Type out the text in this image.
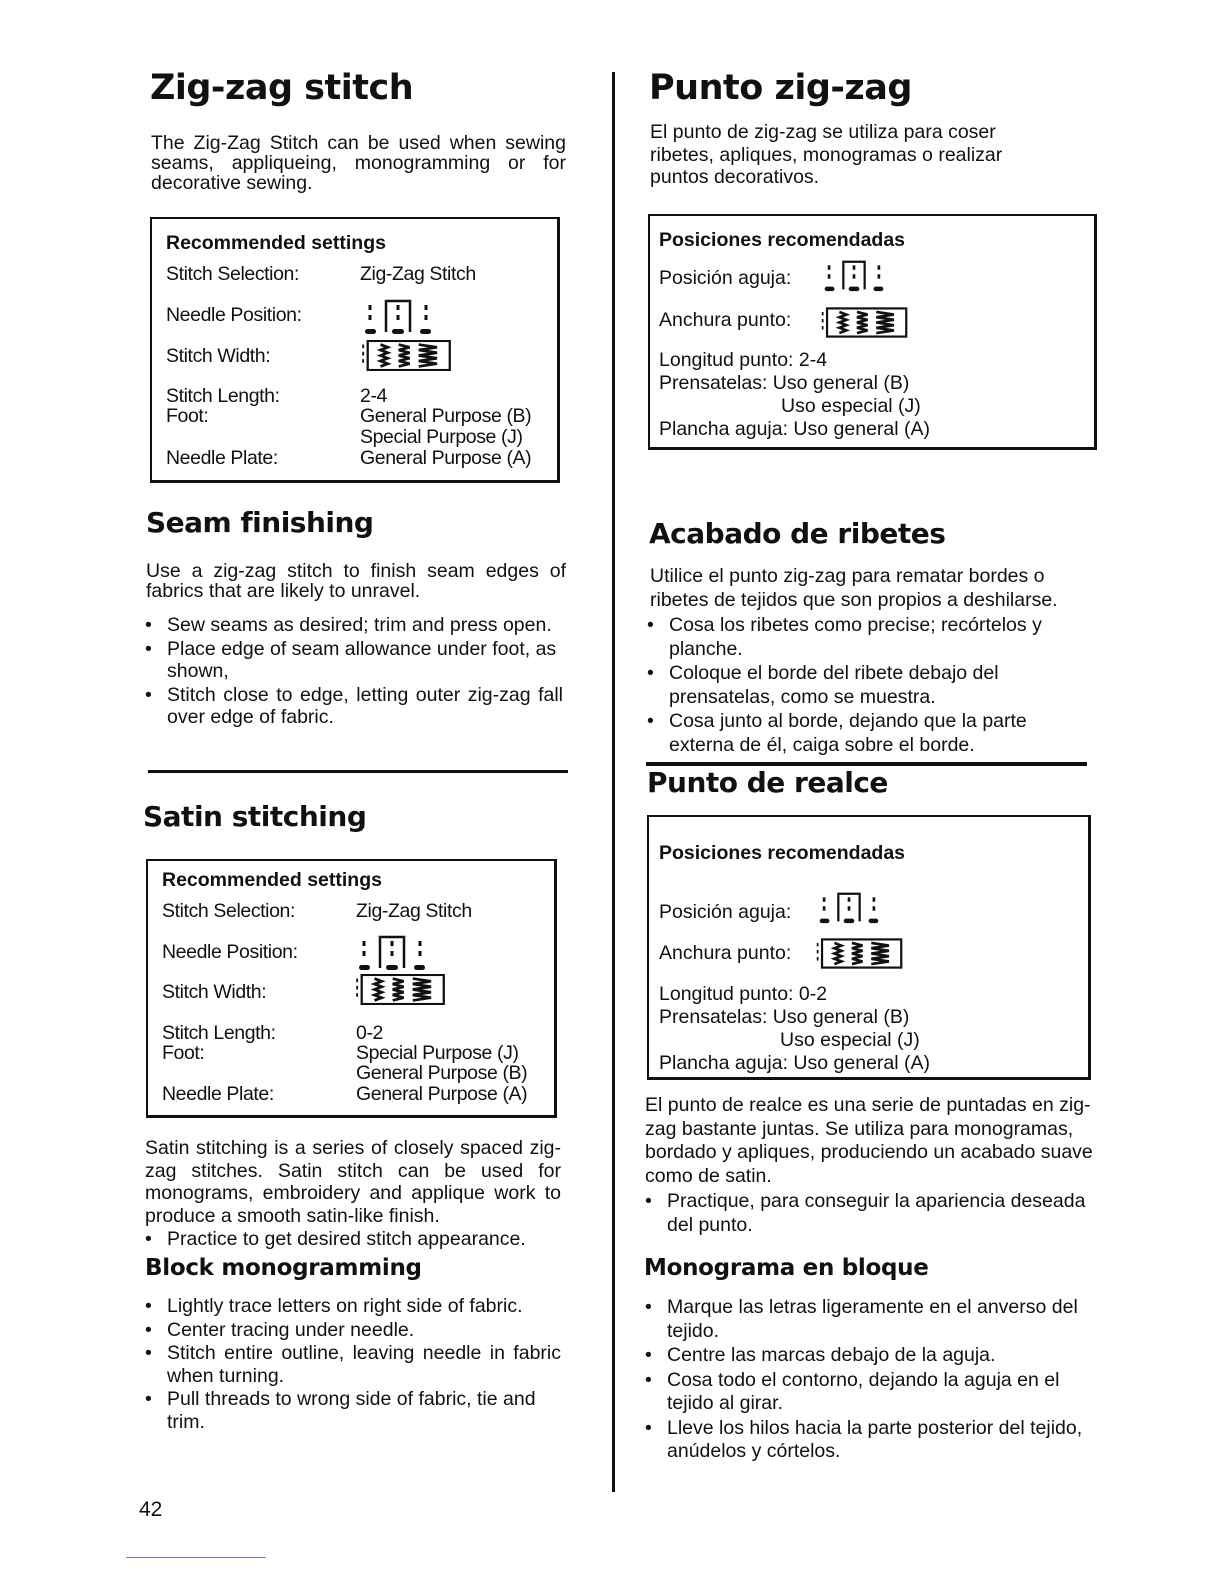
Zig-zag stitch

The Zig-Zag Stitch can be used when sewing seams, appliqueing, monogramming or for decorative sewing.

Recommended settings
Stitch Selection:	Zig-Zag Stitch
Needle Position:
Stitch Width:
Stitch Length:	2-4
Foot:	General Purpose (B)
Special Purpose (J)
Needle Plate:	General Purpose (A)
Seam finishing

Use a zig-zag stitch to finish seam edges of fabrics that are likely to unravel.

• Sew seams as desired; trim and press open.
• Place edge of seam allowance under foot, as shown,
• Stitch close to edge, letting outer zig-zag fall over edge of fabric.
Satin stitching
Recommended settings
Stitch Selection:	Zig-Zag Stitch
Needle Position:
Stitch Width:
Stitch Length:	0-2
Foot:	Special Purpose (J)
General Purpose (B)
Needle Plate:	General Purpose (A)

Satin stitching is a series of closely spaced zig-zag stitches. Satin stitch can be used for monograms, embroidery and applique work to produce a smooth satin-like finish.

• Practice to get desired stitch appearance.
Block monogramming
• Lightly trace letters on right side of fabric.
• Center tracing under needle.
• Stitch entire outline, leaving needle in fabric when turning.
• Pull threads to wrong side of fabric, tie and trim.
42
Punto zig-zag

El punto de zig-zag se utiliza para coser ribetes, apliques, monogramas o realizar puntos decorativos.

Posiciones recomendadas
Posición aguja:
Anchura punto:
Longitud punto: 2-4
Prensatelas: Uso general (B)
Uso especial (J)
Plancha aguja: Uso general (A)
Acabado de ribetes

Utilice el punto zig-zag para rematar bordes o ribetes de tejidos que son propios a deshilarse.

• Cosa los ribetes como precise; recórtelos y planche.
• Coloque el borde del ribete debajo del prensatelas, como se muestra.
• Cosa junto al borde, dejando que la parte externa de él, caiga sobre el borde.
Punto de realce
Posiciones recomendadas
Posición aguja:
Anchura punto:
Longitud punto: 0-2
Prensatelas: Uso general (B)
Uso especial (J)
Plancha aguja: Uso general (A)

El punto de realce es una serie de puntadas en zig-zag bastante juntas. Se utiliza para monogramas, bordado y apliques, produciendo un acabado suave como de satin.

• Practique, para conseguir la apariencia deseada del punto.
Monograma en bloque
• Marque las letras ligeramente en el anverso del tejido.
• Centre las marcas debajo de la aguja.
• Cosa todo el contorno, dejando la aguja en el tejido al girar.
• Lleve los hilos hacia la parte posterior del tejido, anúdelos y córtelos.
